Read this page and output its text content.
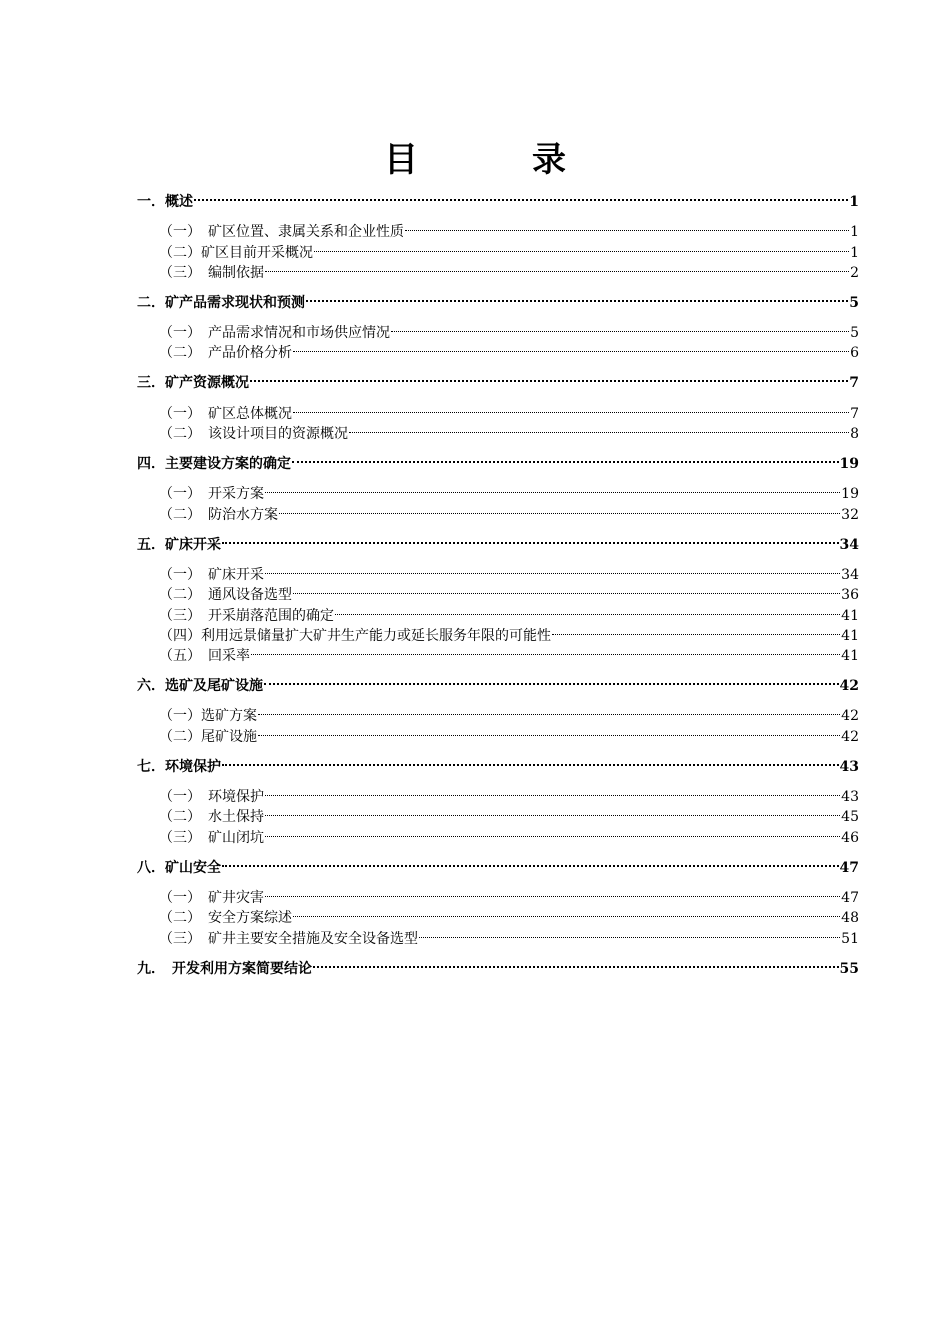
目　录
一．概述	1
（一）　矿区位置、隶属关系和企业性质	1
（二）矿区目前开采概况	1
（三）　编制依据	2
二．矿产品需求现状和预测	5
（一）　产品需求情况和市场供应情况	5
（二）　产品价格分析	6
三．矿产资源概况	7
（一）　矿区总体概况	7
（二）　该设计项目的资源概况	8
四．主要建设方案的确定	19
（一）　开采方案	19
（二）　防治水方案	32
五．矿床开采	34
（一）　矿床开采	34
（二）　通风设备选型	36
（三）　开采崩落范围的确定	41
（四）利用远景储量扩大矿井生产能力或延长服务年限的可能性	41
（五）　回采率	41
六．选矿及尾矿设施	42
（一）选矿方案	42
（二）尾矿设施	42
七．环境保护	43
（一）　环境保护	43
（二）　水土保持	45
（三）　矿山闭坑	46
八．矿山安全	47
（一）　矿井灾害	47
（二）　安全方案综述	48
（三）　矿井主要安全措施及安全设备选型	51
九．　开发利用方案简要结论	55
